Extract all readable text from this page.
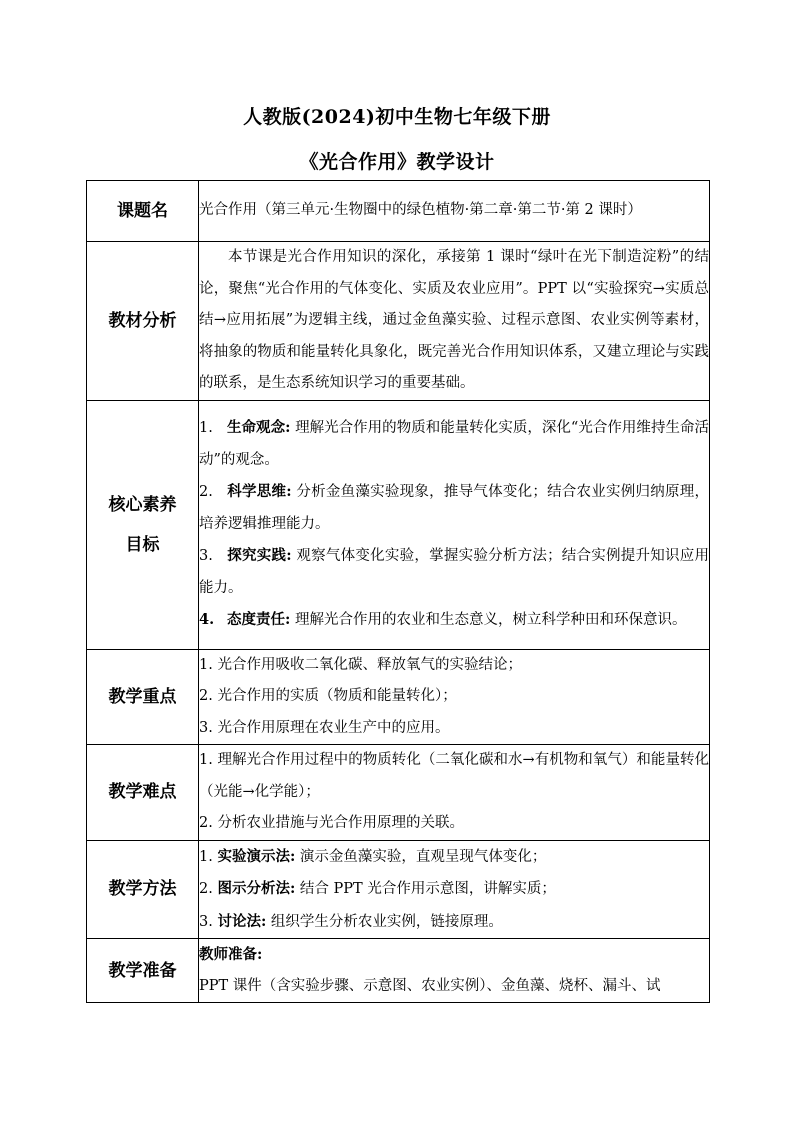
人教版(2024)初中生物七年级下册
《光合作用》教学设计
课题名	光合作用（第三单元·生物圈中的绿色植物·第二章·第二节·第 2 课时）
教材分析	本节课是光合作用知识的深化，承接第 1 课时“绿叶在光下制造淀粉”的结论，聚焦“光合作用的气体变化、实质及农业应用”。PPT 以“实验探究→实质总结→应用拓展”为逻辑主线，通过金鱼藻实验、过程示意图、农业实例等素材，将抽象的物质和能量转化具象化，既完善光合作用知识体系，又建立理论与实践的联系，是生态系统知识学习的重要基础。

核心素养
目标	1. 生命观念: 理解光合作用的物质和能量转化实质，深化“光合作用维持生命活动”的观念。
2. 科学思维: 分析金鱼藻实验现象，推导气体变化；结合农业实例归纳原理，培养逻辑推理能力。
3. 探究实践: 观察气体变化实验，掌握实验分析方法；结合实例提升知识应用能力。
4. 态度责任: 理解光合作用的农业和生态意义，树立科学种田和环保意识。

教学重点	1. 光合作用吸收二氧化碳、释放氧气的实验结论；
2. 光合作用的实质（物质和能量转化）；
3. 光合作用原理在农业生产中的应用。

教学难点	1. 理解光合作用过程中的物质转化（二氧化碳和水→有机物和氧气）和能量转化（光能→化学能）；
2. 分析农业措施与光合作用原理的关联。

教学方法	1. 实验演示法: 演示金鱼藻实验，直观呈现气体变化；
2. 图示分析法: 结合 PPT 光合作用示意图，讲解实质；
3. 讨论法: 组织学生分析农业实例，链接原理。

教学准备	教师准备:
PPT 课件（含实验步骤、示意图、农业实例）、金鱼藻、烧杯、漏斗、试
